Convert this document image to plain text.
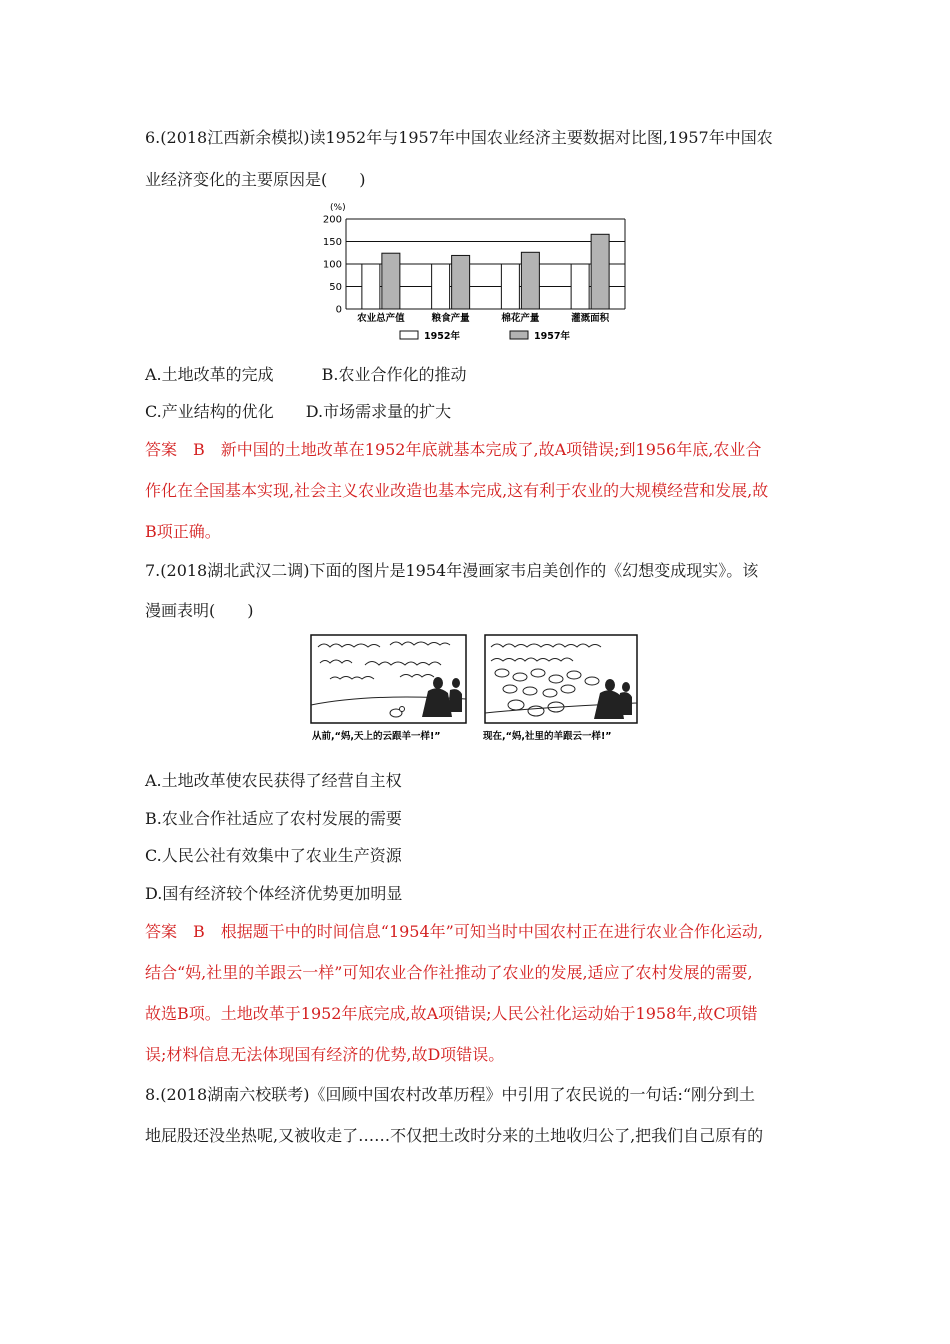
6.(2018江西新余模拟)读1952年与1957年中国农业经济主要数据对比图,1957年中国农
业经济变化的主要原因是(　　)
(%)
200
150
100
50
0
农业总产值	粮食产量	棉花产量	灌溉面积
1952年	1957年
A.土地改革的完成　　　B.农业合作化的推动
C.产业结构的优化　　D.市场需求量的扩大
答案　B　新中国的土地改革在1952年底就基本完成了,故A项错误;到1956年底,农业合
作化在全国基本实现,社会主义农业改造也基本完成,这有利于农业的大规模经营和发展,故
B项正确。
7.(2018湖北武汉二调)下面的图片是1954年漫画家韦启美创作的《幻想变成现实》。该
漫画表明(　　)
从前,“妈,天上的云跟羊一样!”	现在,“妈,社里的羊跟云一样!”
A.土地改革使农民获得了经营自主权
B.农业合作社适应了农村发展的需要
C.人民公社有效集中了农业生产资源
D.国有经济较个体经济优势更加明显
答案　B　根据题干中的时间信息“1954年”可知当时中国农村正在进行农业合作化运动,
结合“妈,社里的羊跟云一样”可知农业合作社推动了农业的发展,适应了农村发展的需要,
故选B项。土地改革于1952年底完成,故A项错误;人民公社化运动始于1958年,故C项错
误;材料信息无法体现国有经济的优势,故D项错误。
8.(2018湖南六校联考)《回顾中国农村改革历程》中引用了农民说的一句话:“刚分到土
地屁股还没坐热呢,又被收走了……不仅把土改时分来的土地收归公了,把我们自己原有的
